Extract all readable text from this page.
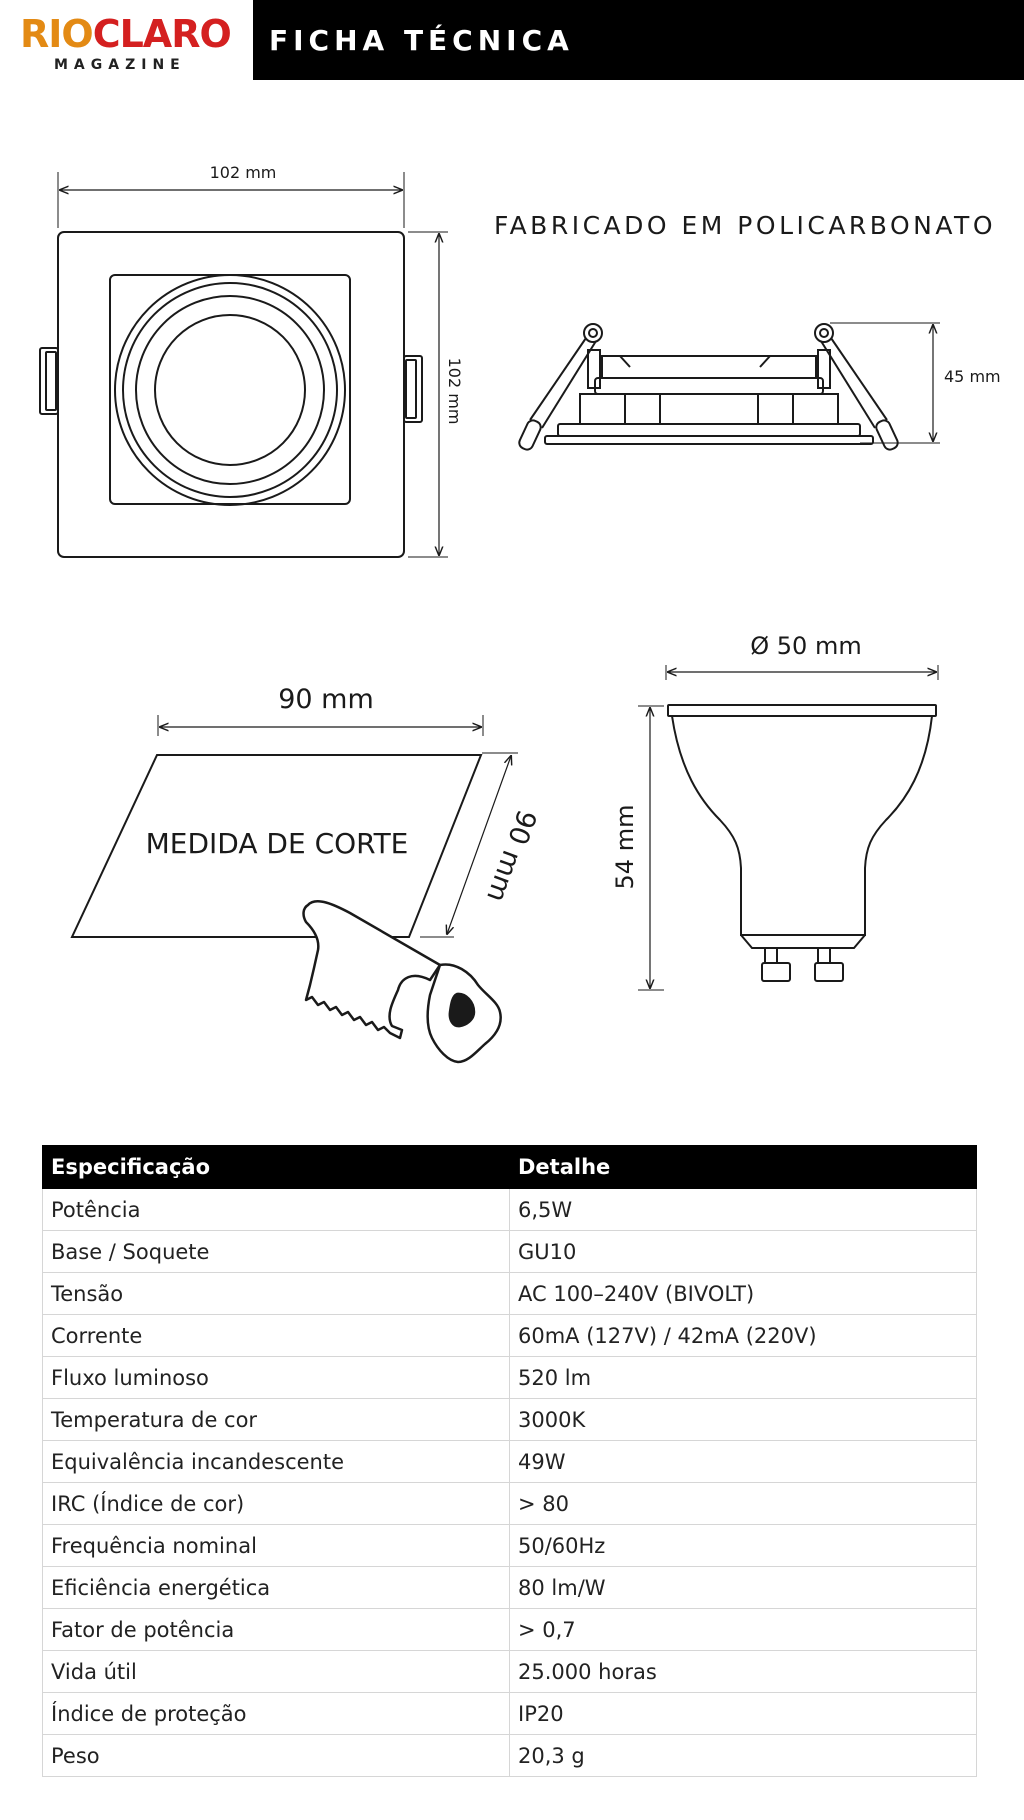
RIOCLARO
MAGAZINE
FICHA TÉCNICA
102 mm
102 mm
FABRICADO EM POLICARBONATO
45 mm
90 mm
MEDIDA DE CORTE	90 mm
Ø 50 mm
54 mm
Especificação	Detalhe
Potência	6,5W
Base / Soquete	GU10
Tensão	AC 100–240V (BIVOLT)
Corrente	60mA (127V) / 42mA (220V)
Fluxo luminoso	520 lm
Temperatura de cor	3000K
Equivalência incandescente	49W
IRC (Índice de cor)	> 80
Frequência nominal	50/60Hz
Eficiência energética	80 lm/W
Fator de potência	> 0,7
Vida útil	25.000 horas
Índice de proteção	IP20
Peso	20,3 g
